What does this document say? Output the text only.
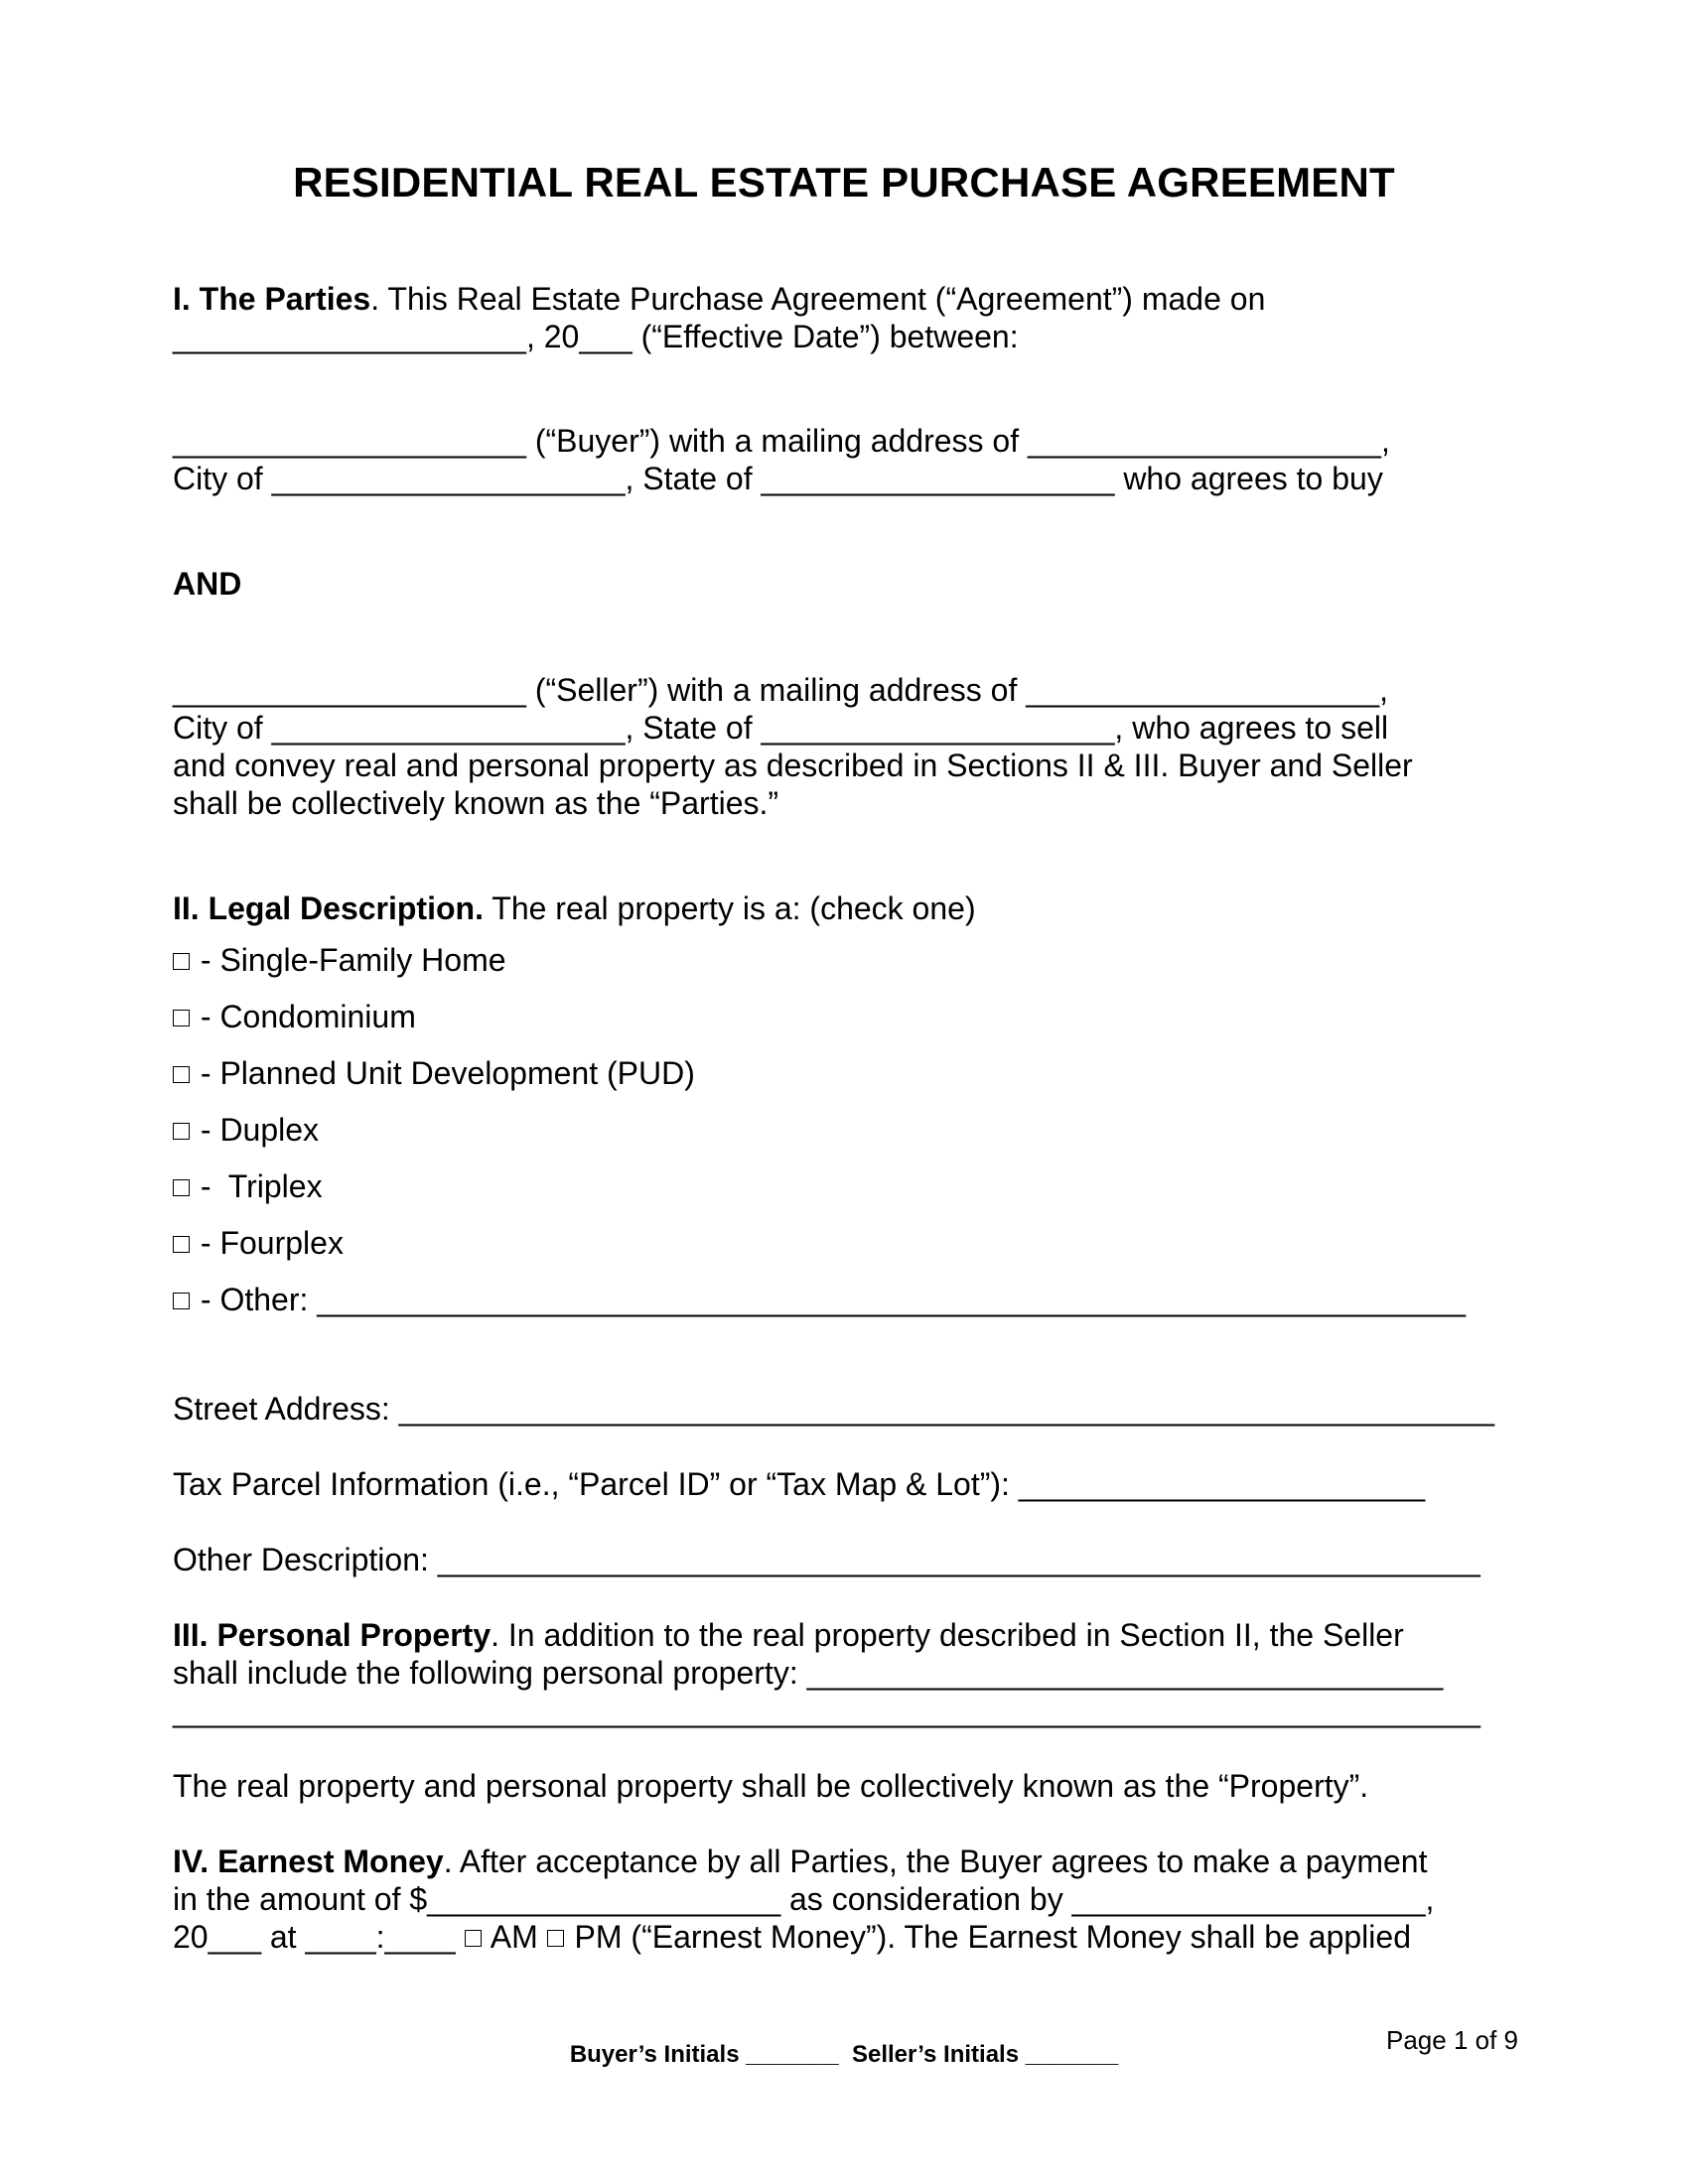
RESIDENTIAL REAL ESTATE PURCHASE AGREEMENT
I. The Parties. This Real Estate Purchase Agreement (“Agreement”) made on
____________________, 20___ (“Effective Date”) between:
____________________ (“Buyer”) with a mailing address of ____________________,
City of ____________________, State of ____________________ who agrees to buy
AND
____________________ (“Seller”) with a mailing address of ____________________,
City of ____________________, State of ____________________, who agrees to sell
and convey real and personal property as described in Sections II & III. Buyer and Seller
shall be collectively known as the “Parties.”
II. Legal Description. The real property is a: (check one)
- Single-Family Home
- Condominium
- Planned Unit Development (PUD)
- Duplex
-  Triplex
- Fourplex
- Other: _________________________________________________________________
Street Address: ______________________________________________________________
Tax Parcel Information (i.e., “Parcel ID” or “Tax Map & Lot”): _______________________
Other Description: ___________________________________________________________
III. Personal Property. In addition to the real property described in Section II, the Seller
shall include the following personal property: ____________________________________
__________________________________________________________________________
The real property and personal property shall be collectively known as the “Property”.
IV. Earnest Money. After acceptance by all Parties, the Buyer agrees to make a payment
in the amount of $____________________ as consideration by ____________________,
20___ at ____:____  AM  PM (“Earnest Money”). The Earnest Money shall be applied
Buyer’s Initials _______  Seller’s Initials _______	Page 1 of 9
